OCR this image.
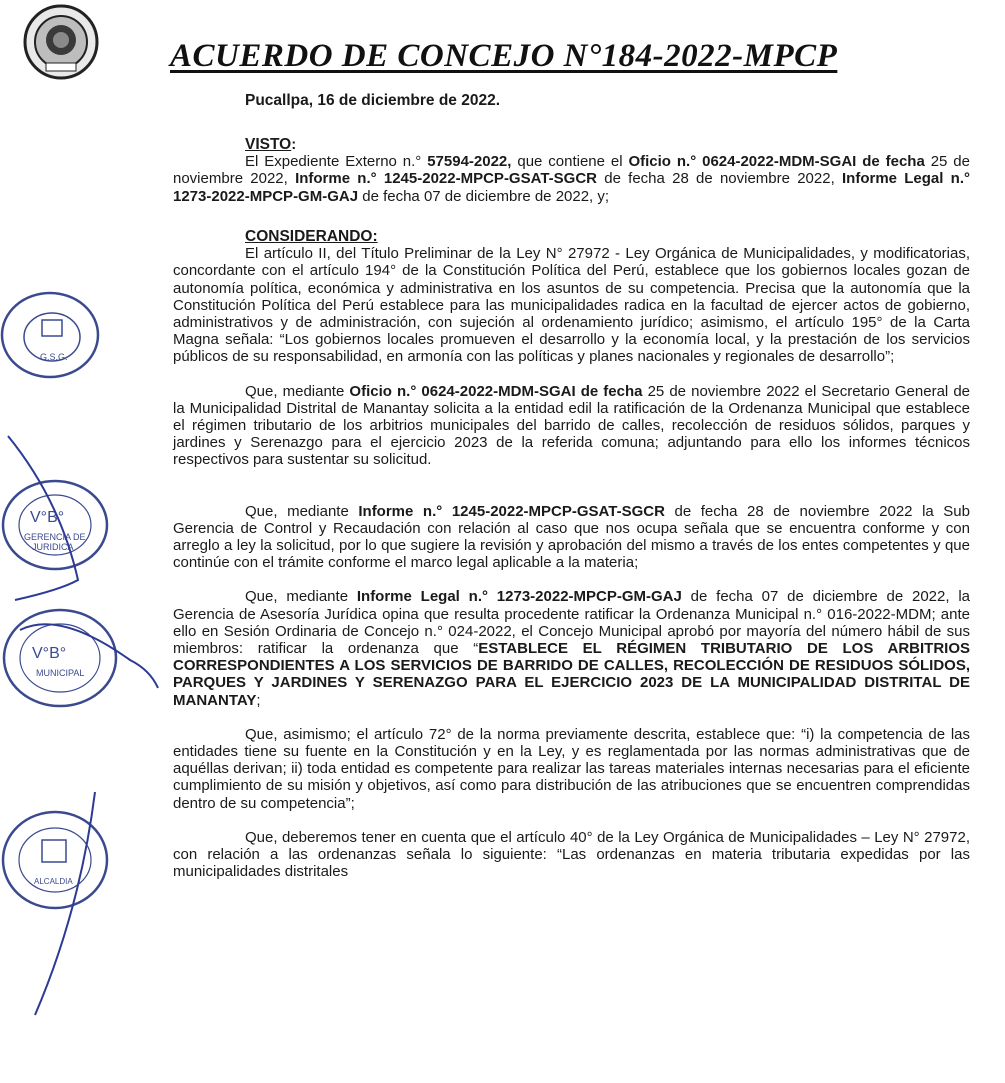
ACUERDO DE CONCEJO N°184-2022-MPCP
G.S.G.
V°B°
GERENCIA DE
JURIDICA
V°B°
MUNICIPAL
ALCALDIA
Pucallpa, 16 de diciembre de 2022.
VISTO:

El Expediente Externo n.° 57594-2022, que contiene el Oficio n.° 0624-2022-MDM-SGAI de fecha 25 de noviembre 2022, Informe n.° 1245-2022-MPCP-GSAT-SGCR de fecha 28 de noviembre 2022, Informe Legal n.° 1273-2022-MPCP-GM-GAJ de fecha 07 de diciembre de 2022, y;

CONSIDERANDO:

El artículo II, del Título Preliminar de la Ley N° 27972 - Ley Orgánica de Municipalidades, y modificatorias, concordante con el artículo 194° de la Constitución Política del Perú, establece que los gobiernos locales gozan de autonomía política, económica y administrativa en los asuntos de su competencia. Precisa que la autonomía que la Constitución Política del Perú establece para las municipalidades radica en la facultad de ejercer actos de gobierno, administrativos y de administración, con sujeción al ordenamiento jurídico; asimismo, el artículo 195° de la Carta Magna señala: “Los gobiernos locales promueven el desarrollo y la economía local, y la prestación de los servicios públicos de su responsabilidad, en armonía con las políticas y planes nacionales y regionales de desarrollo”;

Que, mediante Oficio n.° 0624-2022-MDM-SGAI de fecha 25 de noviembre 2022 el Secretario General de la Municipalidad Distrital de Manantay solicita a la entidad edil la ratificación de la Ordenanza Municipal que establece el régimen tributario de los arbitrios municipales del barrido de calles, recolección de residuos sólidos, parques y jardines y Serenazgo para el ejercicio 2023 de la referida comuna; adjuntando para ello los informes técnicos respectivos para sustentar su solicitud.

Que, mediante Informe n.° 1245-2022-MPCP-GSAT-SGCR de fecha 28 de noviembre 2022 la Sub Gerencia de Control y Recaudación con relación al caso que nos ocupa señala que se encuentra conforme y con arreglo a ley la solicitud, por lo que sugiere la revisión y aprobación del mismo a través de los entes competentes y que continúe con el trámite conforme el marco legal aplicable a la materia;

Que, mediante Informe Legal n.° 1273-2022-MPCP-GM-GAJ de fecha 07 de diciembre de 2022, la Gerencia de Asesoría Jurídica opina que resulta procedente ratificar la Ordenanza Municipal n.° 016-2022-MDM; ante ello en Sesión Ordinaria de Concejo n.° 024-2022, el Concejo Municipal aprobó por mayoría del número hábil de sus miembros: ratificar la ordenanza que “ESTABLECE EL RÉGIMEN TRIBUTARIO DE LOS ARBITRIOS CORRESPONDIENTES A LOS SERVICIOS DE BARRIDO DE CALLES, RECOLECCIÓN DE RESIDUOS SÓLIDOS, PARQUES Y JARDINES Y SERENAZGO PARA EL EJERCICIO 2023 DE LA MUNICIPALIDAD DISTRITAL DE MANANTAY;

Que, asimismo; el artículo 72° de la norma previamente descrita, establece que: “i) la competencia de las entidades tiene su fuente en la Constitución y en la Ley, y es reglamentada por las normas administrativas que de aquéllas derivan; ii) toda entidad es competente para realizar las tareas materiales internas necesarias para el eficiente cumplimiento de su misión y objetivos, así como para distribución de las atribuciones que se encuentren comprendidas dentro de su competencia”;

Que, deberemos tener en cuenta que el artículo 40° de la Ley Orgánica de Municipalidades – Ley N° 27972, con relación a las ordenanzas señala lo siguiente: “Las ordenanzas en materia tributaria expedidas por las municipalidades distritales
